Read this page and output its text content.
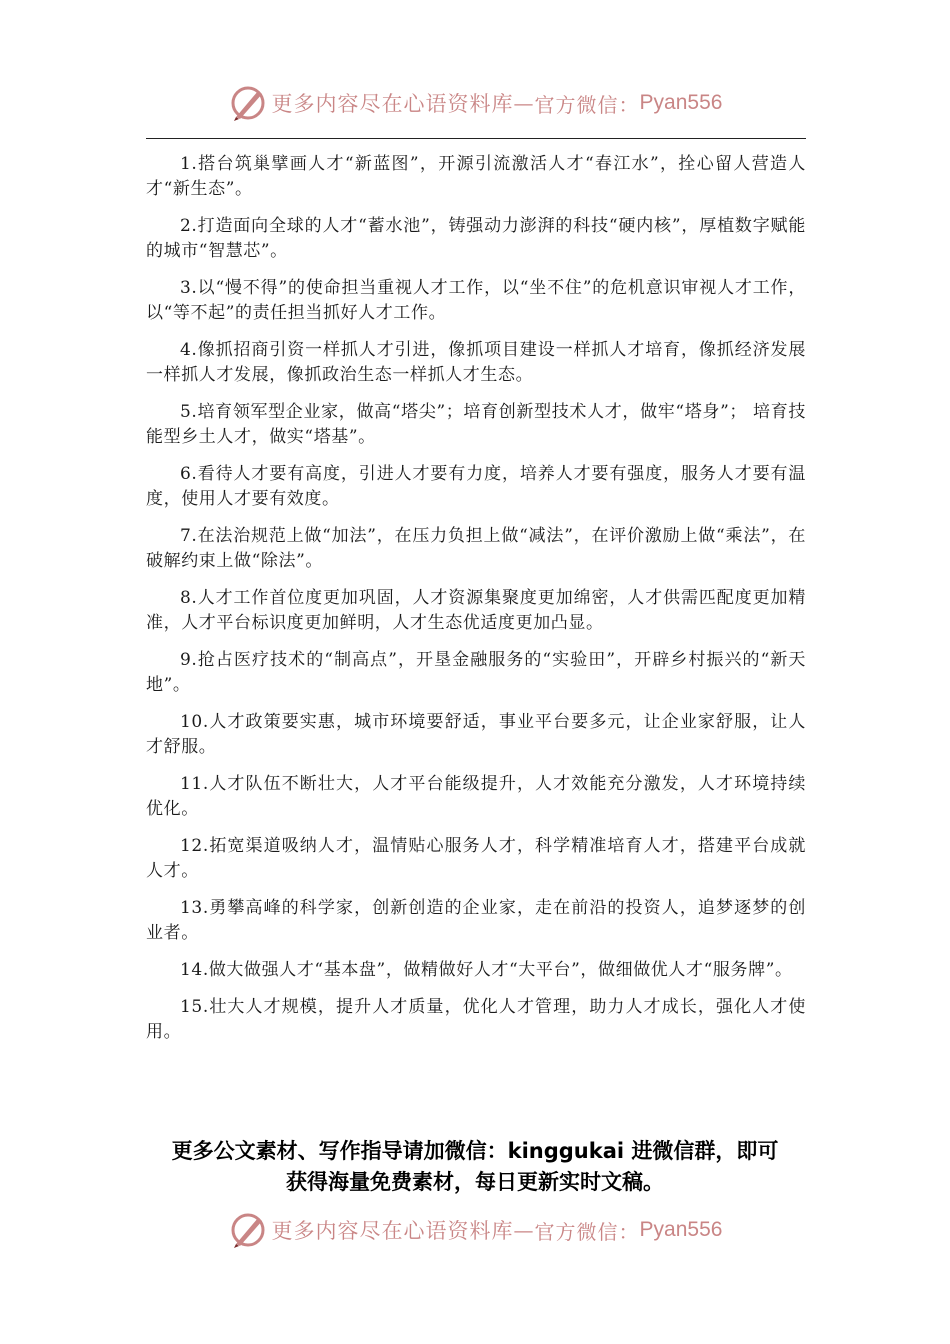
更多内容尽在心语资料库 — 官方微信： Pyan556

1.搭台筑巢擘画人才“新蓝图”，开源引流激活人才“春江水”，拴心留人营造人才“新生态”。

2.打造面向全球的人才“蓄水池”，铸强动力澎湃的科技“硬内核”，厚植数字赋能的城市“智慧芯”。

3.以“慢不得”的使命担当重视人才工作，以“坐不住”的危机意识审视人才工作，以“等不起”的责任担当抓好人才工作。

4.像抓招商引资一样抓人才引进，像抓项目建设一样抓人才培育，像抓经济发展一样抓人才发展，像抓政治生态一样抓人才生态。

5.培育领军型企业家，做高“塔尖”；培育创新型技术人才，做牢“塔身”； 培育技能型乡土人才，做实“塔基”。

6.看待人才要有高度，引进人才要有力度，培养人才要有强度，服务人才要有温度，使用人才要有效度。

7.在法治规范上做“加法”，在压力负担上做“减法”，在评价激励上做“乘法”，在破解约束上做“除法”。

8.人才工作首位度更加巩固，人才资源集聚度更加绵密，人才供需匹配度更加精准，人才平台标识度更加鲜明，人才生态优适度更加凸显。

9.抢占医疗技术的“制高点”，开垦金融服务的“实验田”，开辟乡村振兴的“新天地”。

10.人才政策要实惠，城市环境要舒适，事业平台要多元，让企业家舒服，让人才舒服。

11.人才队伍不断壮大，人才平台能级提升，人才效能充分激发，人才环境持续优化。

12.拓宽渠道吸纳人才，温情贴心服务人才，科学精准培育人才，搭建平台成就人才。

13.勇攀高峰的科学家，创新创造的企业家，走在前沿的投资人，追梦逐梦的创业者。

14.做大做强人才“基本盘”，做精做好人才“大平台”，做细做优人才“服务牌”。

15.壮大人才规模，提升人才质量，优化人才管理，助力人才成长，强化人才使用。

更多公文素材、写作指导请加微信：kinggukai 进微信群，即可
获得海量免费素材，每日更新实时文稿。
更多内容尽在心语资料库 — 官方微信： Pyan556
